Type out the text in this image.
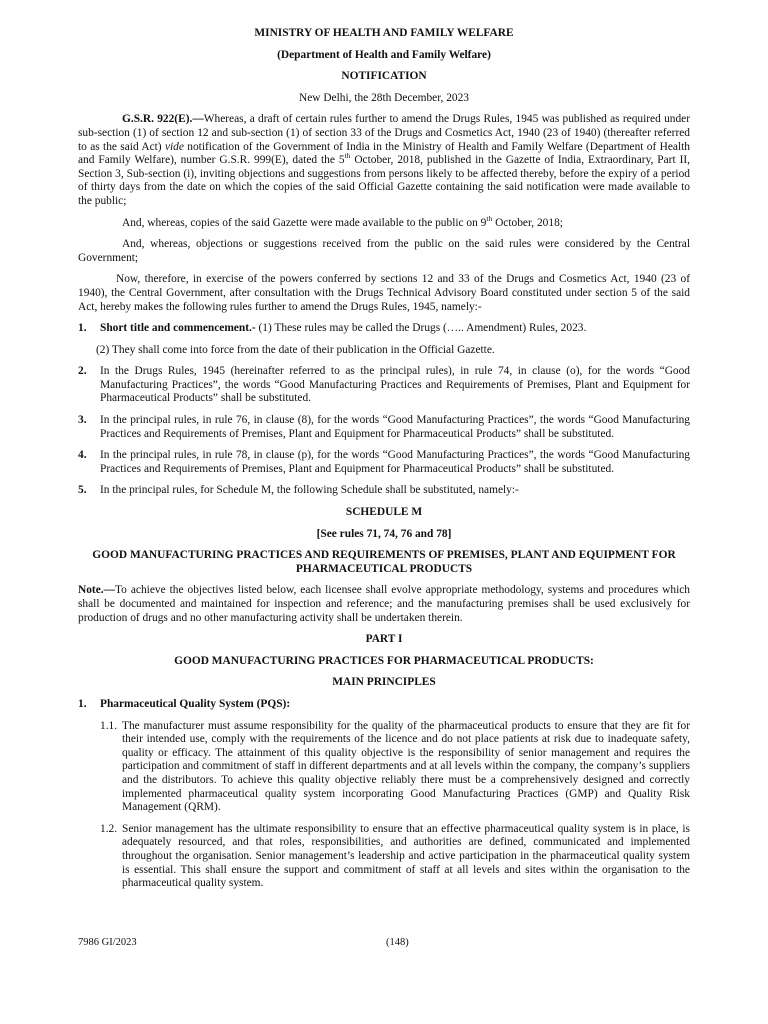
MINISTRY OF HEALTH AND FAMILY WELFARE
(Department of Health and Family Welfare)
NOTIFICATION
New Delhi, the 28th December, 2023

G.S.R. 922(E).—Whereas, a draft of certain rules further to amend the Drugs Rules, 1945 was published as required under sub-section (1) of section 12 and sub-section (1) of section 33 of the Drugs and Cosmetics Act, 1940 (23 of 1940) (thereafter referred to as the said Act) vide notification of the Government of India in the Ministry of Health and Family Welfare (Department of Health and Family Welfare), number G.S.R. 999(E), dated the 5th October, 2018, published in the Gazette of India, Extraordinary, Part II, Section 3, Sub-section (i), inviting objections and suggestions from persons likely to be affected thereby, before the expiry of a period of thirty days from the date on which the copies of the said Official Gazette containing the said notification were made available to the public;

And, whereas, copies of the said Gazette were made available to the public on 9th October, 2018;

And, whereas, objections or suggestions received from the public on the said rules were considered by the Central Government;

Now, therefore, in exercise of the powers conferred by sections 12 and 33 of the Drugs and Cosmetics Act, 1940 (23 of 1940), the Central Government, after consultation with the Drugs Technical Advisory Board constituted under section 5 of the said Act, hereby makes the following rules further to amend the Drugs Rules, 1945, namely:-

1. Short title and commencement.- (1) These rules may be called the Drugs (….. Amendment) Rules, 2023.
(2) They shall come into force from the date of their publication in the Official Gazette.
2. In the Drugs Rules, 1945 (hereinafter referred to as the principal rules), in rule 74, in clause (o), for the words “Good Manufacturing Practices”, the words “Good Manufacturing Practices and Requirements of Premises, Plant and Equipment for Pharmaceutical Products” shall be substituted.
3. In the principal rules, in rule 76, in clause (8), for the words “Good Manufacturing Practices”, the words “Good Manufacturing Practices and Requirements of Premises, Plant and Equipment for Pharmaceutical Products” shall be substituted.
4. In the principal rules, in rule 78, in clause (p), for the words “Good Manufacturing Practices”, the words “Good Manufacturing Practices and Requirements of Premises, Plant and Equipment for Pharmaceutical Products” shall be substituted.
5. In the principal rules, for Schedule M, the following Schedule shall be substituted, namely:-
SCHEDULE M
[See rules 71, 74, 76 and 78]
GOOD MANUFACTURING PRACTICES AND REQUIREMENTS OF PREMISES, PLANT AND EQUIPMENT FOR PHARMACEUTICAL PRODUCTS

Note.—To achieve the objectives listed below, each licensee shall evolve appropriate methodology, systems and procedures which shall be documented and maintained for inspection and reference; and the manufacturing premises shall be used exclusively for production of drugs and no other manufacturing activity shall be undertaken therein.

PART I
GOOD MANUFACTURING PRACTICES FOR PHARMACEUTICAL PRODUCTS:
MAIN PRINCIPLES
1. Pharmaceutical Quality System (PQS):
1.1. The manufacturer must assume responsibility for the quality of the pharmaceutical products to ensure that they are fit for their intended use, comply with the requirements of the licence and do not place patients at risk due to inadequate safety, quality or efficacy. The attainment of this quality objective is the responsibility of senior management and requires the participation and commitment of staff in different departments and at all levels within the company, the company’s suppliers and the distributors. To achieve this quality objective reliably there must be a comprehensively designed and correctly implemented pharmaceutical quality system incorporating Good Manufacturing Practices (GMP) and Quality Risk Management (QRM).
1.2. Senior management has the ultimate responsibility to ensure that an effective pharmaceutical quality system is in place, is adequately resourced, and that roles, responsibilities, and authorities are defined, communicated and implemented throughout the organisation. Senior management’s leadership and active participation in the pharmaceutical quality system is essential. This shall ensure the support and commitment of staff at all levels and sites within the organisation to the pharmaceutical quality system.
7986 GI/2023	(148)
